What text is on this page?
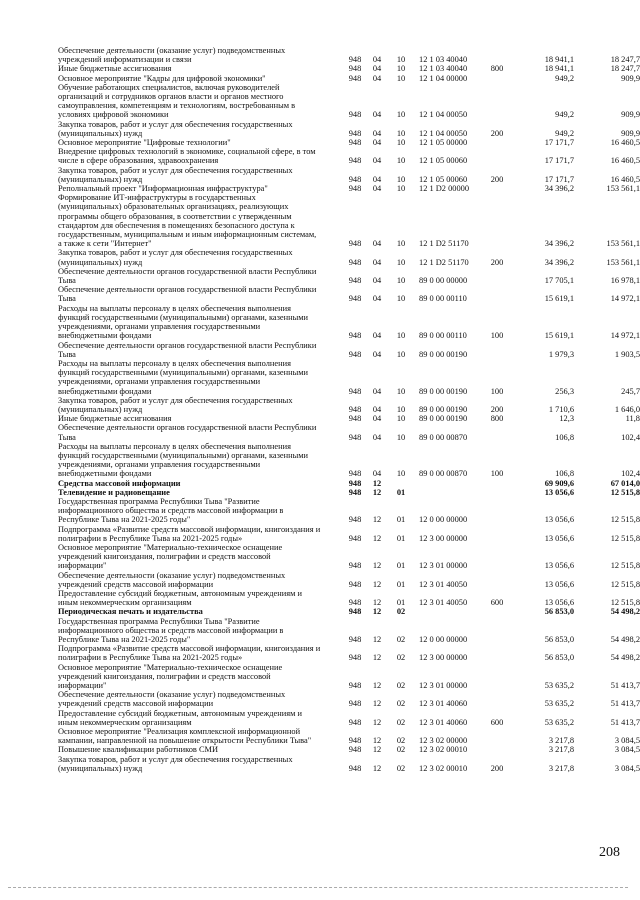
Обеспечение деятельности (оказание услуг) подведомственных
учреждений информатизации и связи	948	04	10	12 1 03 40040	18 941,1	18 247,7
Иные бюджетные ассигнования	948	04	10	12 1 03 40040	800	18 941,1	18 247,7
Основное мероприятие "Кадры для цифровой экономики"	948	04	10	12 1 04 00000	949,2	909,9
Обучение работающих специалистов, включая руководителей
организаций и сотрудников органов власти и органов местного
самоуправления, компетенциям и технологиям, востребованным в
условиях цифровой экономики	948	04	10	12 1 04 00050	949,2	909,9
Закупка товаров, работ и услуг для обеспечения государственных
(муниципальных) нужд	948	04	10	12 1 04 00050	200	949,2	909,9
Основное мероприятие "Цифровые технологии"	948	04	10	12 1 05 00000	17 171,7	16 460,5
Внедрение цифровых технологий в экономике, социальной сфере, в том
числе в сфере образования, здравоохранения	948	04	10	12 1 05 00060	17 171,7	16 460,5
Закупка товаров, работ и услуг для обеспечения государственных
(муниципальных) нужд	948	04	10	12 1 05 00060	200	17 171,7	16 460,5
Реполнальный проект "Информационная инфраструктура"	948	04	10	12 1 D2 00000	34 396,2	153 561,1
Формирование ИТ-инфраструктуры в государственных
(муниципальных) образовательных организациях, реализующих
программы общего образования, в соответствии с утвержденным
стандартом для обеспечения в помещениях безопасного доступа к
государственным, муниципальным и иным информационным системам,
а также к сети "Интернет"	948	04	10	12 1 D2 51170	34 396,2	153 561,1
Закупка товаров, работ и услуг для обеспечения государственных
(муниципальных) нужд	948	04	10	12 1 D2 51170	200	34 396,2	153 561,1
Обеспечение деятельности органов государственной власти Республики
Тыва	948	04	10	89 0 00 00000	17 705,1	16 978,1
Обеспечение деятельности органов государственной власти Республики
Тыва	948	04	10	89 0 00 00110	15 619,1	14 972,1
Расходы на выплаты персоналу в целях обеспечения выполнения
функций государственными (муниципальными) органами, казенными
учреждениями, органами управления государственными
внебюджетными фондами	948	04	10	89 0 00 00110	100	15 619,1	14 972,1
Обеспечение деятельности органов государственной власти Республики
Тыва	948	04	10	89 0 00 00190	1 979,3	1 903,5
Расходы на выплаты персоналу в целях обеспечения выполнения
функций государственными (муниципальными) органами, казенными
учреждениями, органами управления государственными
внебюджетными фондами	948	04	10	89 0 00 00190	100	256,3	245,7
Закупка товаров, работ и услуг для обеспечения государственных
(муниципальных) нужд	948	04	10	89 0 00 00190	200	1 710,6	1 646,0
Иные бюджетные ассигнования	948	04	10	89 0 00 00190	800	12,3	11,8
Обеспечение деятельности органов государственной власти Республики
Тыва	948	04	10	89 0 00 00870	106,8	102,4
Расходы на выплаты персоналу в целях обеспечения выполнения
функций государственными (муниципальными) органами, казенными
учреждениями, органами управления государственными
внебюджетными фондами	948	04	10	89 0 00 00870	100	106,8	102,4
Средства массовой информации	948	12	69 909,6	67 014,0
Телевидение и радиовещание	948	12	01	13 056,6	12 515,8
Государственная программа Республики Тыва "Развитие
информационного общества и средств массовой информации в
Республике Тыва на 2021-2025 годы"	948	12	01	12 0 00 00000	13 056,6	12 515,8
Подпрограмма «Развитие средств массовой информации, книгоиздания и
полиграфии в Республике Тыва на 2021-2025 годы»	948	12	01	12 3 00 00000	13 056,6	12 515,8
Основное мероприятие "Материально-техническое оснащение
учреждений книгоиздания, полиграфии и средств массовой
информации"	948	12	01	12 3 01 00000	13 056,6	12 515,8
Обеспечение деятельности (оказание услуг) подведомственных
учреждений средств массовой информации	948	12	01	12 3 01 40050	13 056,6	12 515,8
Предоставление субсидий бюджетным, автономным учреждениям и
иным некоммерческим организациям	948	12	01	12 3 01 40050	600	13 056,6	12 515,8
Периодическая печать и издательства	948	12	02	56 853,0	54 498,2
Государственная программа Республики Тыва "Развитие
информационного общества и средств массовой информации в
Республике Тыва на 2021-2025 годы"	948	12	02	12 0 00 00000	56 853,0	54 498,2
Подпрограмма «Развитие средств массовой информации, книгоиздания и
полиграфии в Республике Тыва на 2021-2025 годы»	948	12	02	12 3 00 00000	56 853,0	54 498,2
Основное мероприятие "Материально-техническое оснащение
учреждений книгоиздания, полиграфии и средств массовой
информации"	948	12	02	12 3 01 00000	53 635,2	51 413,7
Обеспечение деятельности (оказание услуг) подведомственных
учреждений средств массовой информации	948	12	02	12 3 01 40060	53 635,2	51 413,7
Предоставление субсидий бюджетным, автономным учреждениям и
иным некоммерческим организациям	948	12	02	12 3 01 40060	600	53 635,2	51 413,7
Основное мероприятие "Реализация комплексной информационной
кампании, направленной на повышение открытости Республики Тыва"	948	12	02	12 3 02 00000	3 217,8	3 084,5
Повышение квалификации работников СМИ	948	12	02	12 3 02 00010	3 217,8	3 084,5
Закупка товаров, работ и услуг для обеспечения государственных
(муниципальных) нужд	948	12	02	12 3 02 00010	200	3 217,8	3 084,5
208
